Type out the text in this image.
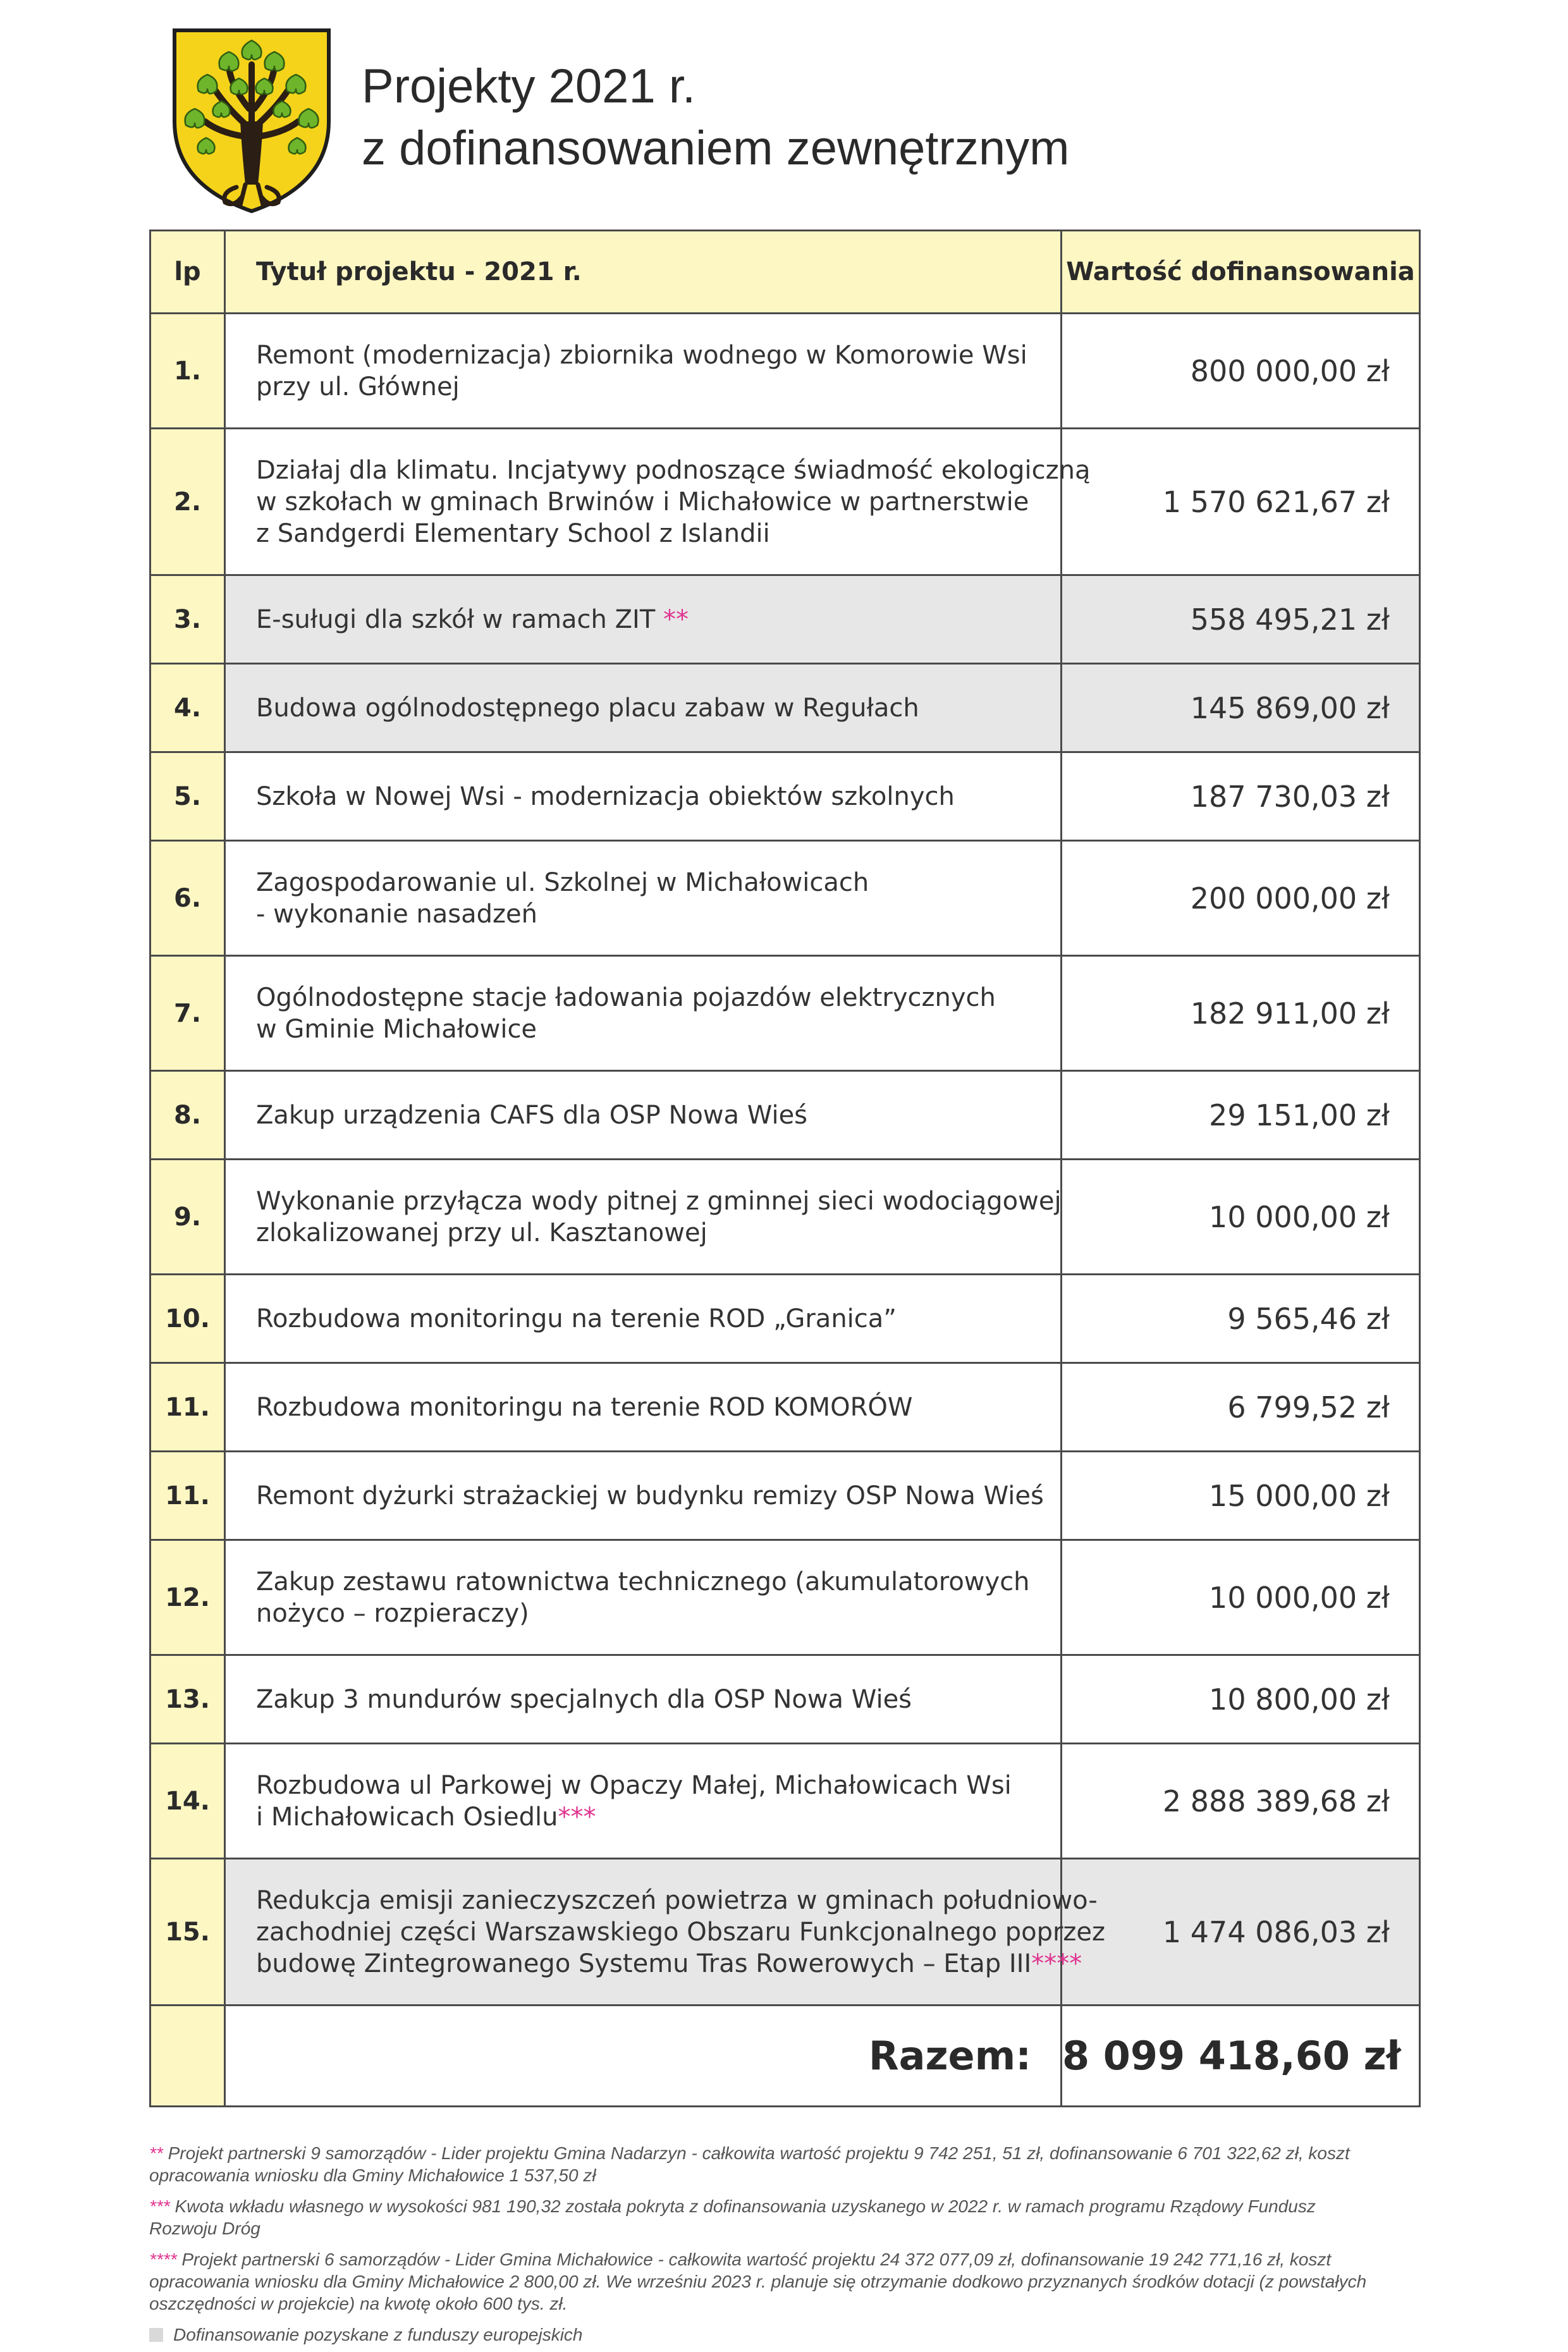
Projekty 2021 r.
z dofinansowaniem zewnętrznym
lp	Tytuł projektu - 2021 r.	Wartość dofinansowania
1.	Remont (modernizacja) zbiornika wodnego w Komorowie Wsi
przy ul. Głównej	800 000,00 zł
2.	Działaj dla klimatu. Incjatywy podnoszące świadmość ekologiczną
w szkołach w gminach Brwinów i Michałowice w partnerstwie
z Sandgerdi Elementary School z Islandii	1 570 621,67 zł
3.	E-suługi dla szkół w ramach ZIT **	558 495,21 zł
4.	Budowa ogólnodostępnego placu zabaw w Regułach	145 869,00 zł
5.	Szkoła w Nowej Wsi - modernizacja obiektów szkolnych	187 730,03 zł
6.	Zagospodarowanie ul. Szkolnej w Michałowicach
- wykonanie nasadzeń	200 000,00 zł
7.	Ogólnodostępne stacje ładowania pojazdów elektrycznych
w Gminie Michałowice	182 911,00 zł
8.	Zakup urządzenia CAFS dla OSP Nowa Wieś	29 151,00 zł
9.	Wykonanie przyłącza wody pitnej z gminnej sieci wodociągowej
zlokalizowanej przy ul. Kasztanowej	10 000,00 zł
10.	Rozbudowa monitoringu na terenie ROD „Granica”	9 565,46 zł
11.	Rozbudowa monitoringu na terenie ROD KOMORÓW	6 799,52 zł
11.	Remont dyżurki strażackiej w budynku remizy OSP Nowa Wieś	15 000,00 zł
12.	Zakup zestawu ratownictwa technicznego (akumulatorowych
nożyco – rozpieraczy)	10 000,00 zł
13.	Zakup 3 mundurów specjalnych dla OSP Nowa Wieś	10 800,00 zł
14.	Rozbudowa ul Parkowej w Opaczy Małej, Michałowicach Wsi
i Michałowicach Osiedlu***	2 888 389,68 zł
15.	Redukcja emisji zanieczyszczeń powietrza w gminach południowo-
zachodniej części Warszawskiego Obszaru Funkcjonalnego poprzez
budowę Zintegrowanego Systemu Tras Rowerowych – Etap III****	1 474 086,03 zł
	Razem:	8 099 418,60 zł

** Projekt partnerski 9 samorządów - Lider projektu Gmina Nadarzyn - całkowita wartość projektu 9 742 251, 51 zł, dofinansowanie 6 701 322,62 zł, koszt
opracowania wniosku dla Gminy Michałowice 1 537,50 zł

*** Kwota wkładu własnego w wysokości 981 190,32 została pokryta z dofinansowania uzyskanego w 2022 r. w ramach programu Rządowy Fundusz
Rozwoju Dróg

**** Projekt partnerski 6 samorządów - Lider Gmina Michałowice - całkowita wartość projektu 24 372 077,09 zł, dofinansowanie 19 242 771,16 zł, koszt
opracowania wniosku dla Gminy Michałowice 2 800,00 zł. We wrześniu 2023 r. planuje się otrzymanie dodkowo przyznanych środków dotacji (z powstałych
oszczędności w projekcie) na kwotę około 600 tys. zł.

Dofinansowanie pozyskane z funduszy europejskich
